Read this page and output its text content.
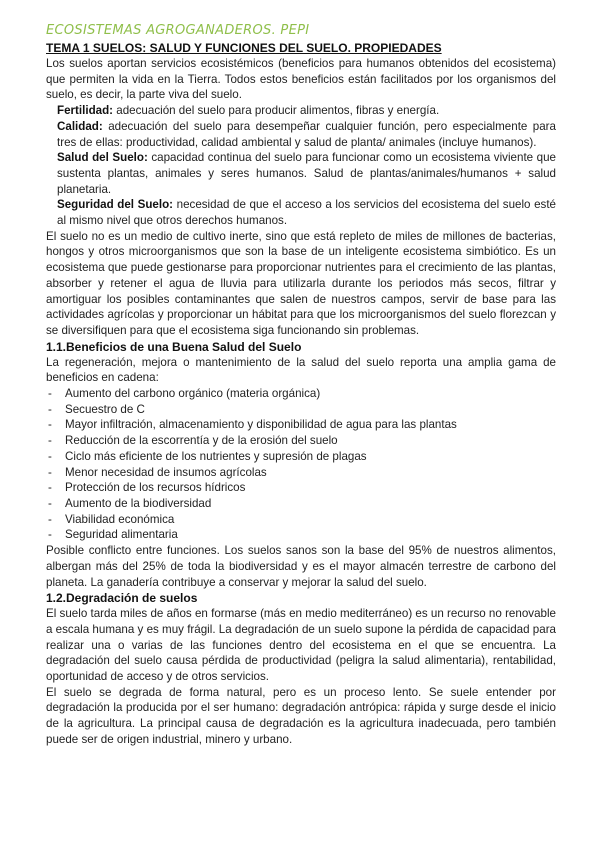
ECOSISTEMAS AGROGANADEROS. PEPI
TEMA 1 SUELOS: SALUD Y FUNCIONES DEL SUELO. PROPIEDADES

Los suelos aportan servicios ecosistémicos (beneficios para humanos obtenidos del ecosistema) que permiten la vida en la Tierra. Todos estos beneficios están facilitados por los organismos del suelo, es decir, la parte viva del suelo.

Fertilidad: adecuación del suelo para producir alimentos, fibras y energía.

Calidad: adecuación del suelo para desempeñar cualquier función, pero especialmente para tres de ellas: productividad, calidad ambiental y salud de planta/ animales (incluye humanos).

Salud del Suelo: capacidad continua del suelo para funcionar como un ecosistema viviente que sustenta plantas, animales y seres humanos. Salud de plantas/animales/humanos + salud planetaria.

Seguridad del Suelo: necesidad de que el acceso a los servicios del ecosistema del suelo esté al mismo nivel que otros derechos humanos.

El suelo no es un medio de cultivo inerte, sino que está repleto de miles de millones de bacterias, hongos y otros microorganismos que son la base de un inteligente ecosistema simbiótico. Es un ecosistema que puede gestionarse para proporcionar nutrientes para el crecimiento de las plantas, absorber y retener el agua de lluvia para utilizarla durante los periodos más secos, filtrar y amortiguar los posibles contaminantes que salen de nuestros campos, servir de base para las actividades agrícolas y proporcionar un hábitat para que los microorganismos del suelo florezcan y se diversifiquen para que el ecosistema siga funcionando sin problemas.

1.1.Beneficios de una Buena Salud del Suelo

La regeneración, mejora o mantenimiento de la salud del suelo reporta una amplia gama de beneficios en cadena:

- Aumento del carbono orgánico (materia orgánica)
- Secuestro de C
- Mayor infiltración, almacenamiento y disponibilidad de agua para las plantas
- Reducción de la escorrentía y de la erosión del suelo
- Ciclo más eficiente de los nutrientes y supresión de plagas
- Menor necesidad de insumos agrícolas
- Protección de los recursos hídricos
- Aumento de la biodiversidad
- Viabilidad económica
- Seguridad alimentaria

Posible conflicto entre funciones. Los suelos sanos son la base del 95% de nuestros alimentos, albergan más del 25% de toda la biodiversidad y es el mayor almacén terrestre de carbono del planeta. La ganadería contribuye a conservar y mejorar la salud del suelo.

1.2.Degradación de suelos

El suelo tarda miles de años en formarse (más en medio mediterráneo) es un recurso no renovable a escala humana y es muy frágil. La degradación de un suelo supone la pérdida de capacidad para realizar una o varias de las funciones dentro del ecosistema en el que se encuentra. La degradación del suelo causa pérdida de productividad (peligra la salud alimentaria), rentabilidad, oportunidad de acceso y de otros servicios.

El suelo se degrada de forma natural, pero es un proceso lento. Se suele entender por degradación la producida por el ser humano: degradación antrópica: rápida y surge desde el inicio de la agricultura. La principal causa de degradación es la agricultura inadecuada, pero también puede ser de origen industrial, minero y urbano.
